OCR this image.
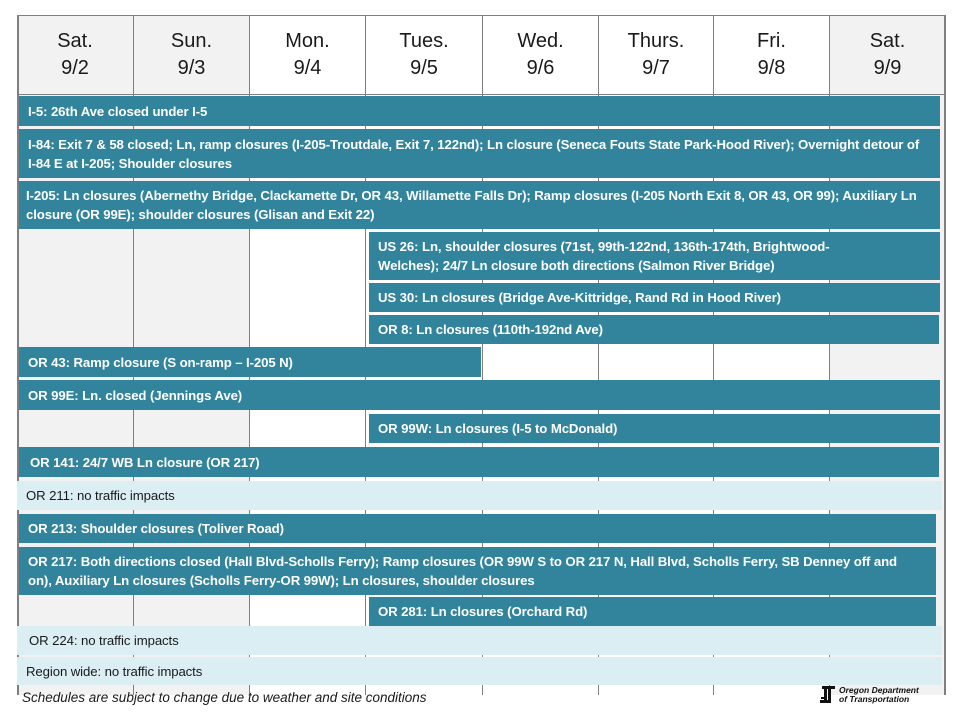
Sat.
9/2
Sun.
9/3
Mon.
9/4
Tues.
9/5
Wed.
9/6
Thurs.
9/7
Fri.
9/8
Sat.
9/9
I-5: 26th Ave closed under I-5
I-84: Exit 7 & 58 closed; Ln, ramp closures (I-205-Troutdale, Exit 7, 122nd); Ln closure (Seneca Fouts State Park-Hood River); Overnight detour of I-84 E at I-205; Shoulder closures
I-205: Ln closures (Abernethy Bridge, Clackamette Dr, OR 43, Willamette Falls Dr); Ramp closures (I-205 North Exit 8, OR 43, OR 99); Auxiliary Ln closure (OR 99E); shoulder closures (Glisan and Exit 22)
US 26: Ln, shoulder closures (71st, 99th-122nd, 136th-174th, Brightwood-Welches); 24/7 Ln closure both directions (Salmon River Bridge)
US 30: Ln closures (Bridge Ave-Kittridge, Rand Rd in Hood River)
OR 8: Ln closures (110th-192nd Ave)
OR 43: Ramp closure (S on-ramp – I-205 N)
OR 99E: Ln. closed (Jennings Ave)
OR 99W: Ln closures (I-5 to McDonald)
OR 141: 24/7 WB Ln closure (OR 217)
OR 211: no traffic impacts
OR 213: Shoulder closures (Toliver Road)
OR 217: Both directions closed (Hall Blvd-Scholls Ferry); Ramp closures (OR 99W S to OR 217 N, Hall Blvd, Scholls Ferry, SB Denney off and on), Auxiliary Ln closures (Scholls Ferry-OR 99W); Ln closures, shoulder closures
OR 281: Ln closures (Orchard Rd)
OR 224: no traffic impacts
Region wide: no traffic impacts
Schedules are subject to change due to weather and site conditions	Oregon Department
of Transportation
